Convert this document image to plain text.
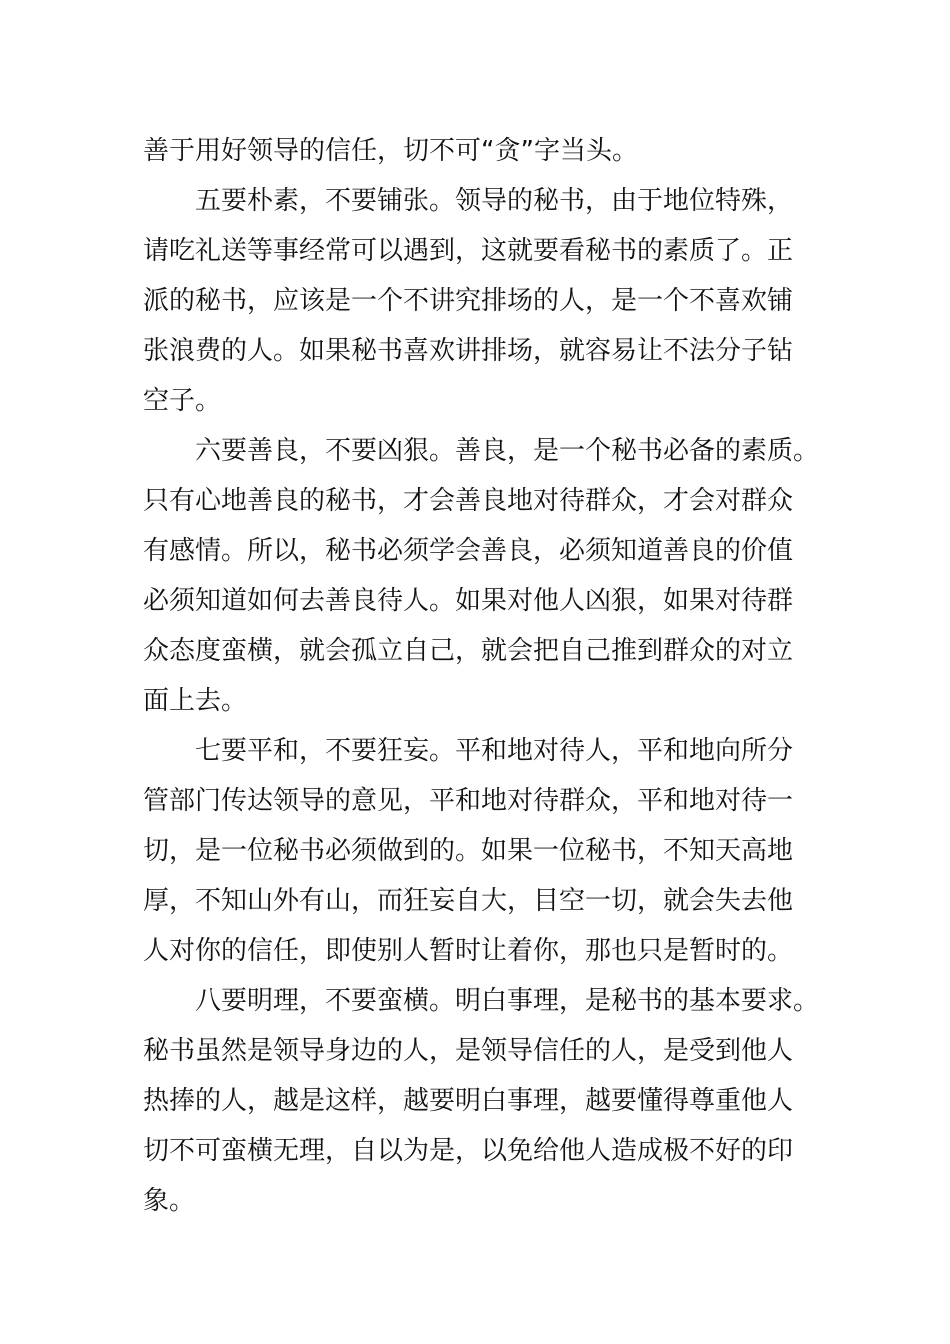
善于用好领导的信任，切不可“贪”字当头。
五要朴素，不要铺张。领导的秘书，由于地位特殊，
请吃礼送等事经常可以遇到，这就要看秘书的素质了。正
派的秘书，应该是一个不讲究排场的人，是一个不喜欢铺
张浪费的人。如果秘书喜欢讲排场，就容易让不法分子钻
空子。
六要善良，不要凶狠。善良，是一个秘书必备的素质。
只有心地善良的秘书，才会善良地对待群众，才会对群众
有感情。所以，秘书必须学会善良，必须知道善良的价值
必须知道如何去善良待人。如果对他人凶狠，如果对待群
众态度蛮横，就会孤立自己，就会把自己推到群众的对立
面上去。
七要平和，不要狂妄。平和地对待人，平和地向所分
管部门传达领导的意见，平和地对待群众，平和地对待一
切，是一位秘书必须做到的。如果一位秘书，不知天高地
厚，不知山外有山，而狂妄自大，目空一切，就会失去他
人对你的信任，即使别人暂时让着你，那也只是暂时的。
八要明理，不要蛮横。明白事理，是秘书的基本要求。
秘书虽然是领导身边的人，是领导信任的人，是受到他人
热捧的人，越是这样，越要明白事理，越要懂得尊重他人
切不可蛮横无理，自以为是，以免给他人造成极不好的印
象。
